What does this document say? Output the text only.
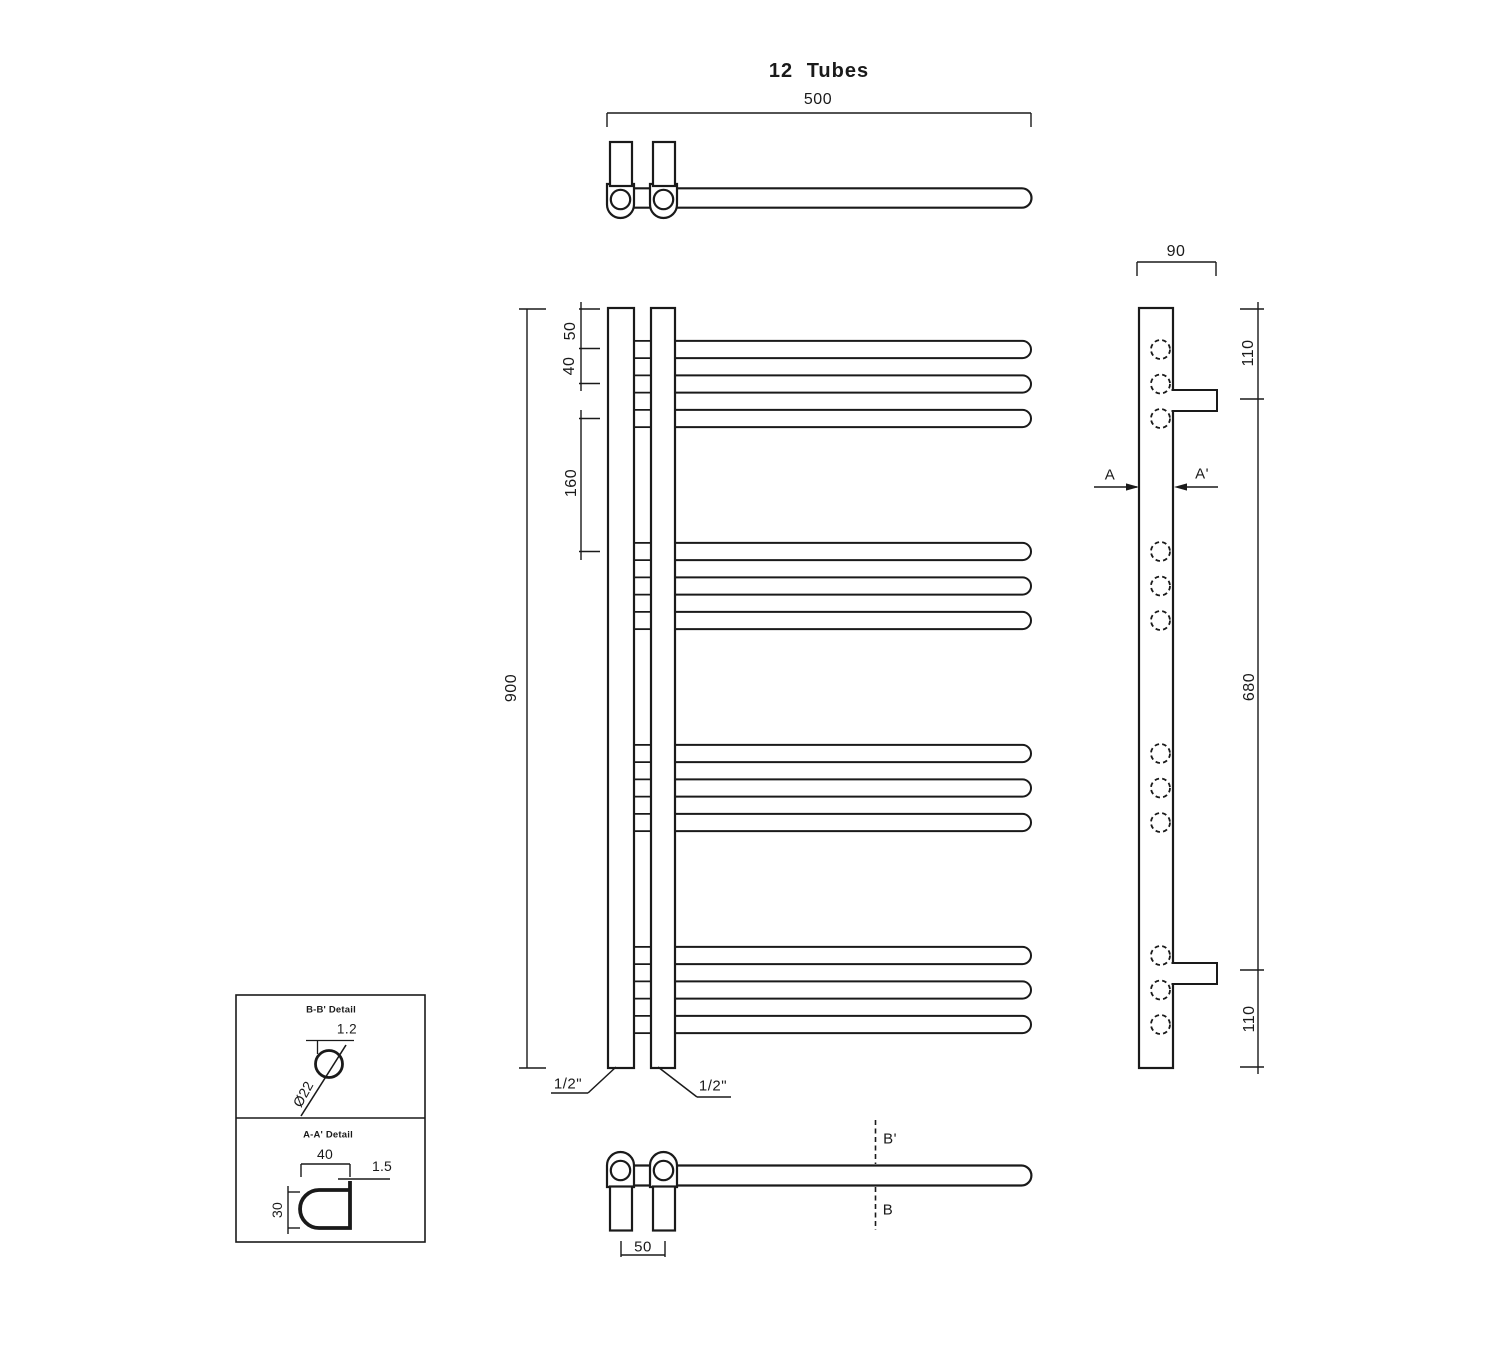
12 Tubes
500
900
50
40
160
1/2"	1/2"
90
A	A'
110
680
110
B'
B
50
B-B' Detail
1.2
Ø22
A-A' Detail
40
1.5
30
